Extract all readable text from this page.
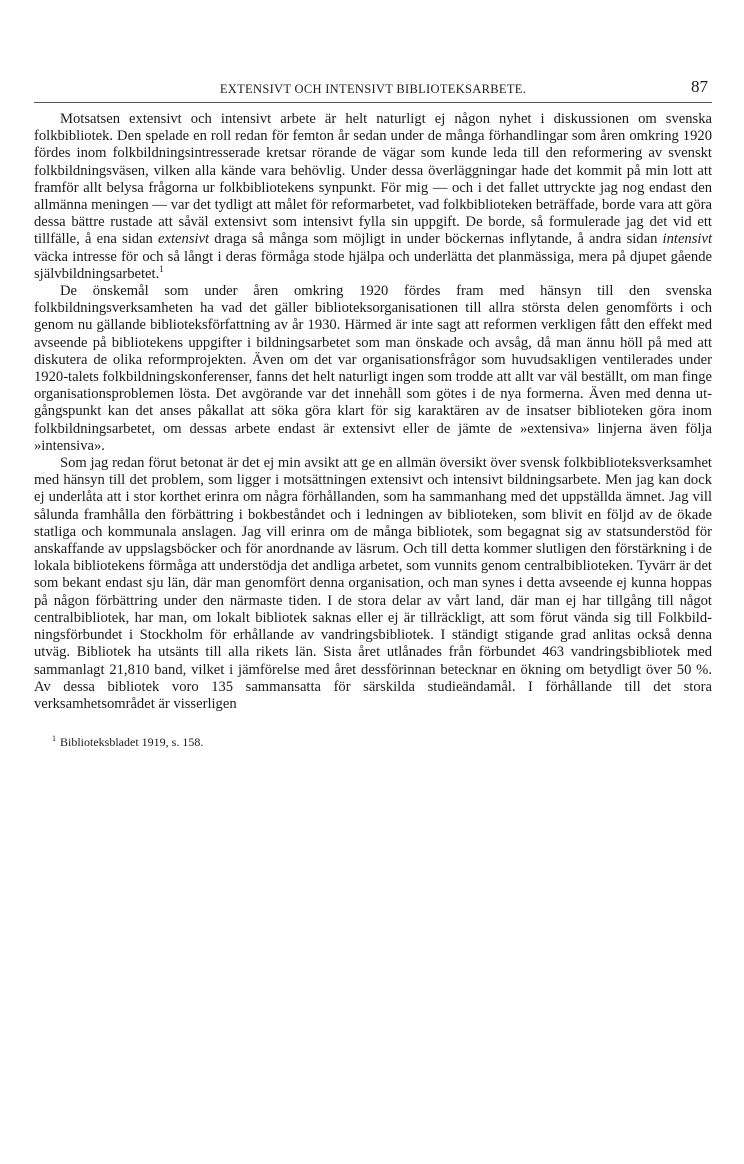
EXTENSIVT OCH INTENSIVT BIBLIOTEKSARBETE.	87

Motsatsen extensivt och intensivt arbete är helt naturligt ej någon nyhet i diskussionen om svenska folkbibliotek. Den spelade en roll redan för femton år sedan under de många förhandlingar som åren omkring 1920 fördes inom folkbildningsintresserade kretsar rörande de vägar som kunde leda till den reformering av svenskt folkbildningsväsen, vilken alla kände vara behövlig. Under dessa överläggningar hade det kommit på min lott att framför allt belysa frågorna ur folkbibliotekens synpunkt. För mig — och i det fallet uttryckte jag nog endast den allmänna meningen — var det tydligt att målet för reformarbetet, vad folkbiblioteken beträffade, borde vara att göra dessa bättre rustade att såväl extensivt som intensivt fylla sin uppgift. De borde, så formulerade jag det vid ett tillfälle, å ena sidan extensivt draga så många som möjligt in under böckernas inflytande, å andra sidan intensivt väcka intresse för och så långt i deras förmåga stode hjälpa och underlätta det planmässiga, mera på djupet gående självbildningsarbetet.$^1$

De önskemål som under åren omkring 1920 fördes fram med hänsyn till den svenska folkbildningsverksamheten ha vad det gäller biblioteksorganisationen till allra största delen genomförts i och genom nu gällande biblioteksförfattning av år 1930. Härmed är inte sagt att reformen verkligen fått den effekt med avseende på bibliotekens uppgifter i bildningsarbetet som man önskade och avsåg, då man ännu höll på med att diskutera de olika reformprojekten. Även om det var organisationsfrågor som huvudsakligen ventilerades under 1920-talets folkbildningskonferenser, fanns det helt naturligt ingen som trodde att allt var väl beställt, om man finge organisationsproblemen lösta. Det avgörande var det innehåll som götes i de nya formerna. Även med denna utgångspunkt kan det anses påkallat att söka göra klart för sig karaktären av de insatser biblioteken göra inom folkbildningsarbetet, om dessas arbete endast är extensivt eller de jämte de »extensiva» linjerna även följa »intensiva».

Som jag redan förut betonat är det ej min avsikt att ge en allmän översikt över svensk folkbiblioteksverksamhet med hänsyn till det problem, som ligger i motsättningen extensivt och intensivt bildningsarbete. Men jag kan dock ej underlåta att i stor korthet erinra om några förhållanden, som ha sammanhang med det uppställda ämnet. Jag vill sålunda framhålla den förbättring i bokbeståndet och i ledningen av biblioteken, som blivit en följd av de ökade statliga och kommunala anslagen. Jag vill erinra om de många bibliotek, som begagnat sig av statsunderstöd för anskaffande av uppslagsböcker och för anordnande av läsrum. Och till detta kommer slutligen den förstärkning i de lokala bibliotekens förmåga att understödja det andliga arbetet, som vunnits genom centralbiblioteken. Tyvärr är det som bekant endast sju län, där man genomfört denna organisation, och man synes i detta avseende ej kunna hoppas på någon förbättring under den närmaste tiden. I de stora delar av vårt land, där man ej har tillgång till något centralbibliotek, har man, om lokalt bibliotek saknas eller ej är tillräckligt, att som förut vända sig till Folkbildningsförbundet i Stockholm för erhållande av vandringsbibliotek. I ständigt stigande grad anlitas också denna utväg. Bibliotek ha utsänts till alla rikets län. Sista året utlånades från förbundet 463 vandringsbibliotek med sammanlagt 21,810 band, vilket i jämförelse med året dessförinnan betecknar en ökning om betydligt över 50 %. Av dessa bibliotek voro 135 sammansatta för särskilda studieändamål. I förhållande till det stora verksamhetsområdet är visserligen

$^1$ Biblioteksbladet 1919, s. 158.
